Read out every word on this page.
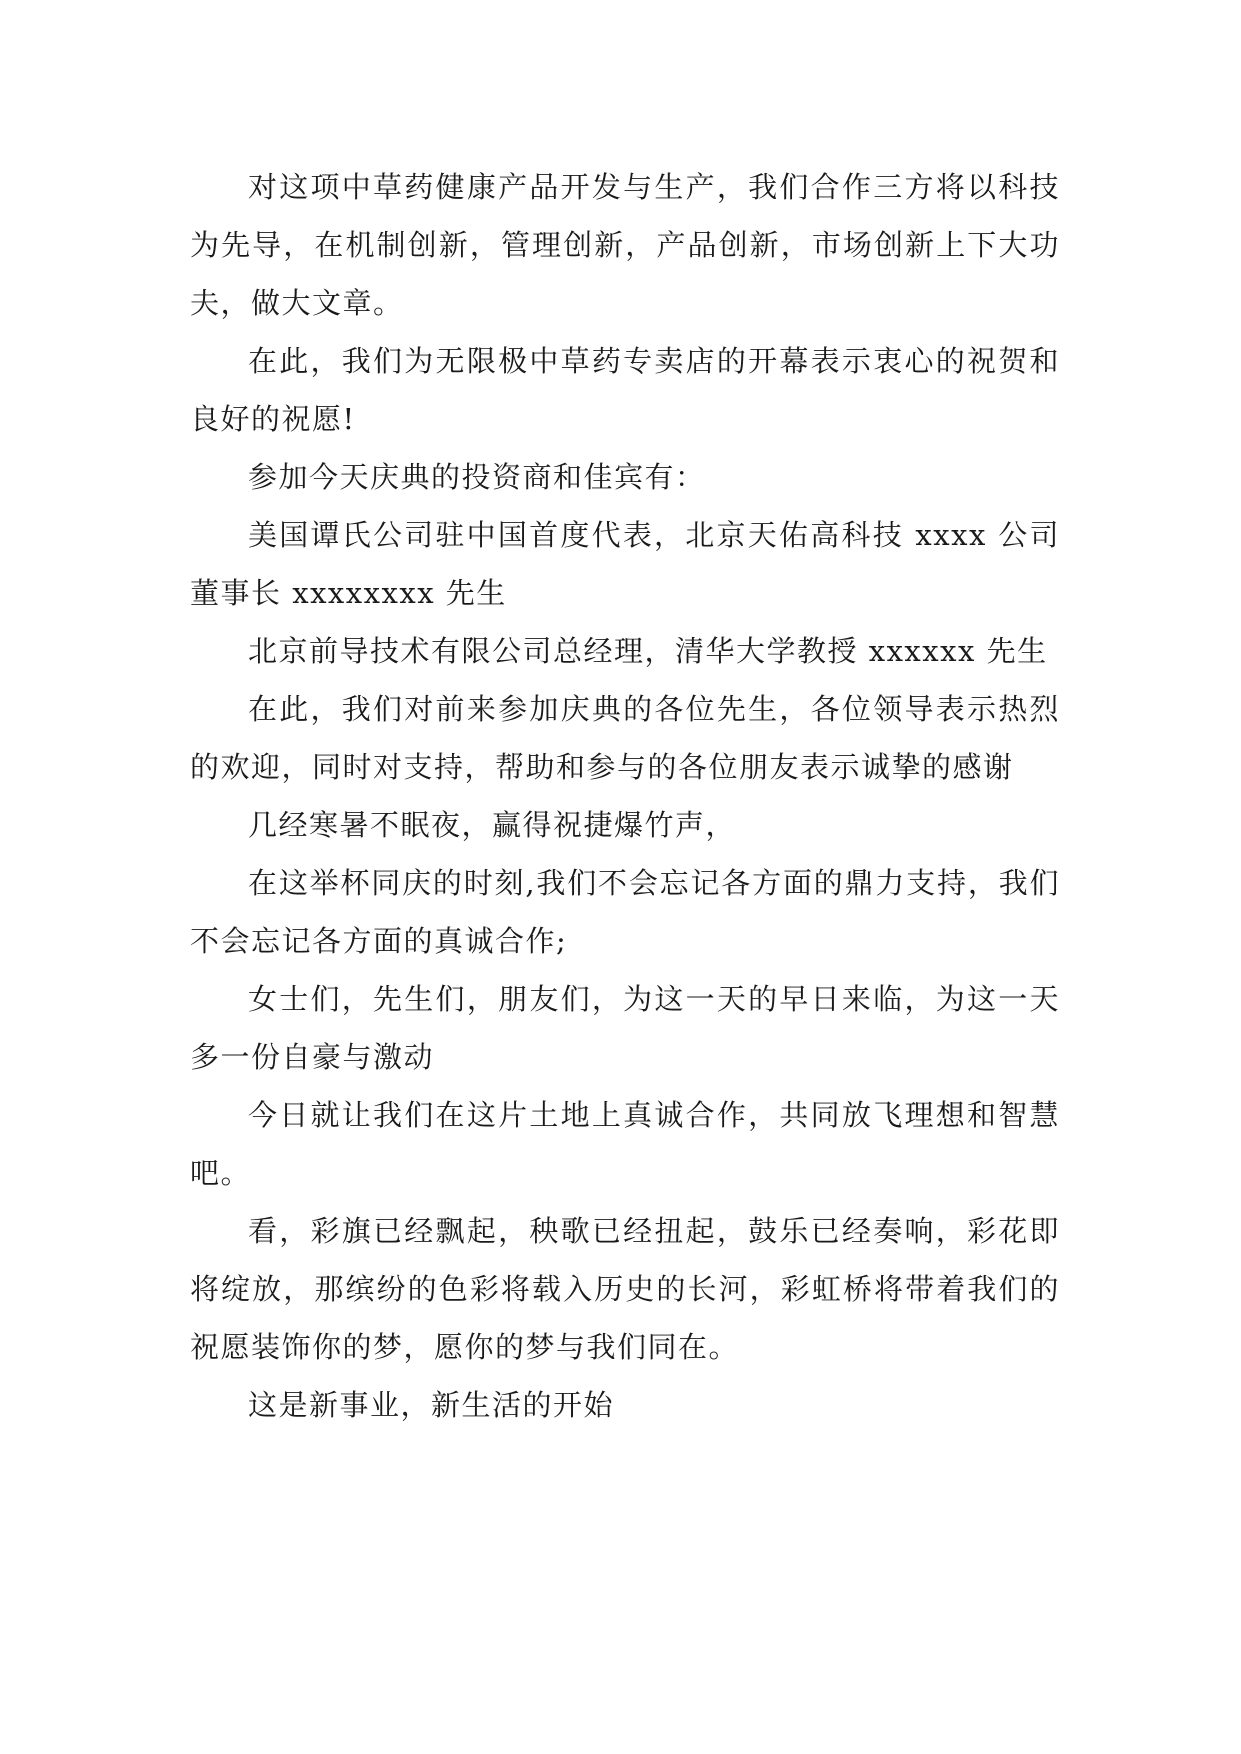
对这项中草药健康产品开发与生产，我们合作三方将以科技为先导，在机制创新，管理创新，产品创新，市场创新上下大功夫，做大文章。

在此，我们为无限极中草药专卖店的开幕表示衷心的祝贺和良好的祝愿!

参加今天庆典的投资商和佳宾有：

美国谭氏公司驻中国首度代表，北京天佑高科技 xxxx 公司董事长 xxxxxxxx 先生

北京前导技术有限公司总经理，清华大学教授 xxxxxx 先生

在此，我们对前来参加庆典的各位先生，各位领导表示热烈的欢迎，同时对支持，帮助和参与的各位朋友表示诚挚的感谢

几经寒暑不眠夜，赢得祝捷爆竹声，

在这举杯同庆的时刻,我们不会忘记各方面的鼎力支持，我们不会忘记各方面的真诚合作;

女士们，先生们，朋友们，为这一天的早日来临，为这一天多一份自豪与激动

今日就让我们在这片土地上真诚合作，共同放飞理想和智慧吧。

看，彩旗已经飘起，秧歌已经扭起，鼓乐已经奏响，彩花即将绽放，那缤纷的色彩将载入历史的长河，彩虹桥将带着我们的祝愿装饰你的梦，愿你的梦与我们同在。

这是新事业，新生活的开始
